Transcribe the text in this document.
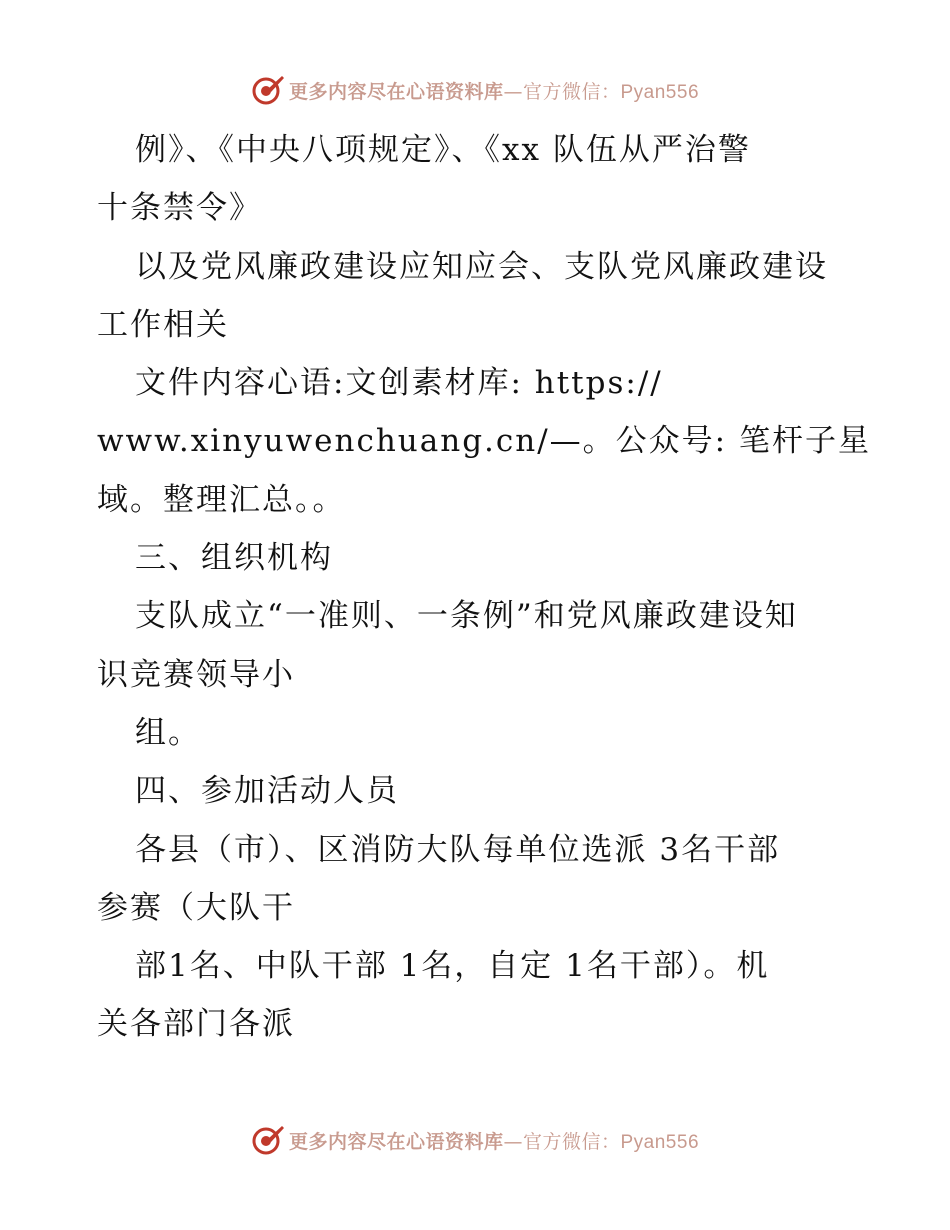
更多内容尽在心语资料库—官方微信：Pyan556
例》、《中央八项规定》、《xx 队伍从严治警
十条禁令》
以及党风廉政建设应知应会、支队党风廉政建设
工作相关
文件内容心语:文创素材库: https://
www.xinyuwenchuang.cn/—。公众号: 笔杆子星
域。整理汇总。。
三、组织机构
支队成立“一准则、一条例”和党风廉政建设知
识竞赛领导小
组。
四、参加活动人员
各县（市）、区消防大队每单位选派 3名干部
参赛（大队干
部1名、中队干部 1名，自定 1名干部）。机
关各部门各派
更多内容尽在心语资料库—官方微信：Pyan556
